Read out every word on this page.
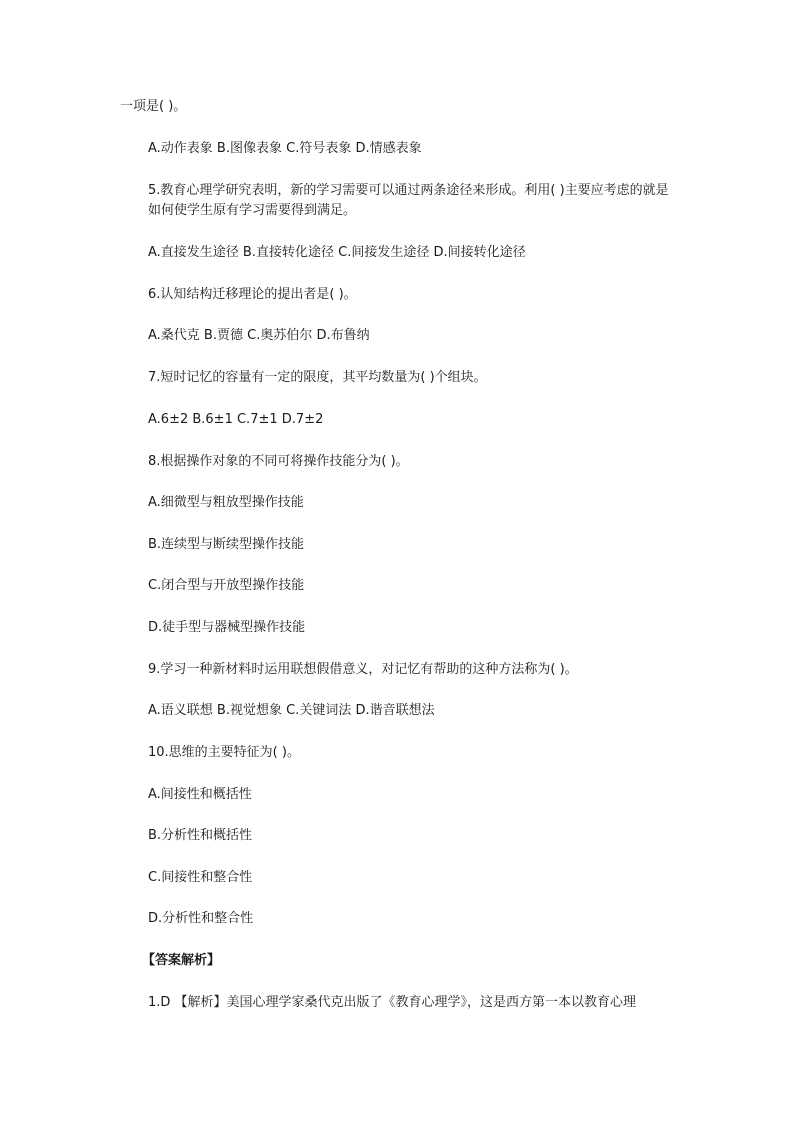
一项是( )。
A.动作表象 B.图像表象 C.符号表象 D.情感表象
5.教育心理学研究表明，新的学习需要可以通过两条途径来形成。利用( )主要应考虑的就是如何使学生原有学习需要得到满足。
A.直接发生途径 B.直接转化途径 C.间接发生途径 D.间接转化途径
6.认知结构迁移理论的提出者是( )。
A.桑代克 B.贾德 C.奥苏伯尔 D.布鲁纳
7.短时记忆的容量有一定的限度，其平均数量为( )个组块。
A.6±2 B.6±1 C.7±1 D.7±2
8.根据操作对象的不同可将操作技能分为( )。
A.细微型与粗放型操作技能
B.连续型与断续型操作技能
C.闭合型与开放型操作技能
D.徒手型与器械型操作技能
9.学习一种新材料时运用联想假借意义，对记忆有帮助的这种方法称为( )。
A.语义联想 B.视觉想象 C.关键词法 D.谐音联想法
10.思维的主要特征为( )。
A.间接性和概括性
B.分析性和概括性
C.间接性和整合性
D.分析性和整合性
【答案解析】
1.D 【解析】美国心理学家桑代克出版了《教育心理学》，这是西方第一本以教育心理
